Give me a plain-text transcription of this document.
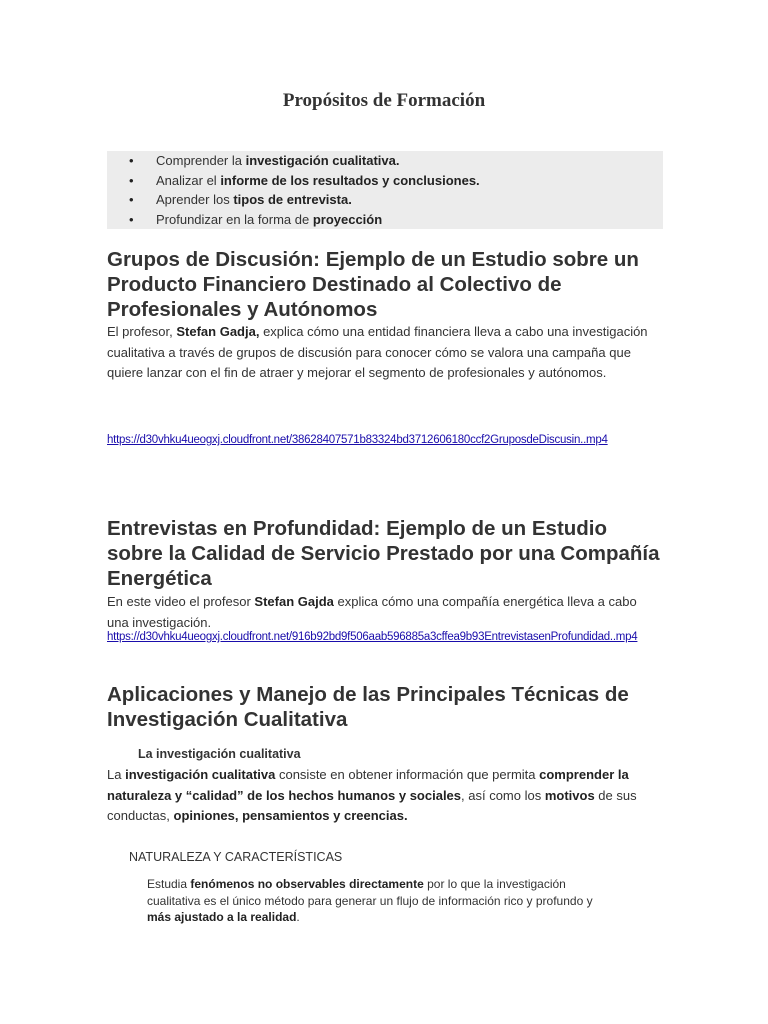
Propósitos de Formación
• Comprender la investigación cualitativa.
• Analizar el informe de los resultados y conclusiones.
• Aprender los tipos de entrevista.
• Profundizar en la forma de proyección
Grupos de Discusión: Ejemplo de un Estudio sobre un Producto Financiero Destinado al Colectivo de Profesionales y Autónomos

El profesor, Stefan Gadja, explica cómo una entidad financiera lleva a cabo una investigación cualitativa a través de grupos de discusión para conocer cómo se valora una campaña que quiere lanzar con el fin de atraer y mejorar el segmento de profesionales y autónomos.

https://d30vhku4ueogxj.cloudfront.net/38628407571b83324bd3712606180ccf2GruposdeDiscusin..mp4
Entrevistas en Profundidad: Ejemplo de un Estudio sobre la Calidad de Servicio Prestado por una Compañía Energética

En este video el profesor Stefan Gajda explica cómo una compañía energética lleva a cabo una investigación.

https://d30vhku4ueogxj.cloudfront.net/916b92bd9f506aab596885a3cffea9b93EntrevistasenProfundidad..mp4
Aplicaciones y Manejo de las Principales Técnicas de Investigación Cualitativa

La investigación cualitativa

La investigación cualitativa consiste en obtener información que permita comprender la naturaleza y “calidad” de los hechos humanos y sociales, así como los motivos de sus conductas, opiniones, pensamientos y creencias.

NATURALEZA Y CARACTERÍSTICAS

Estudia fenómenos no observables directamente por lo que la investigación cualitativa es el único método para generar un flujo de información rico y profundo y más ajustado a la realidad.
